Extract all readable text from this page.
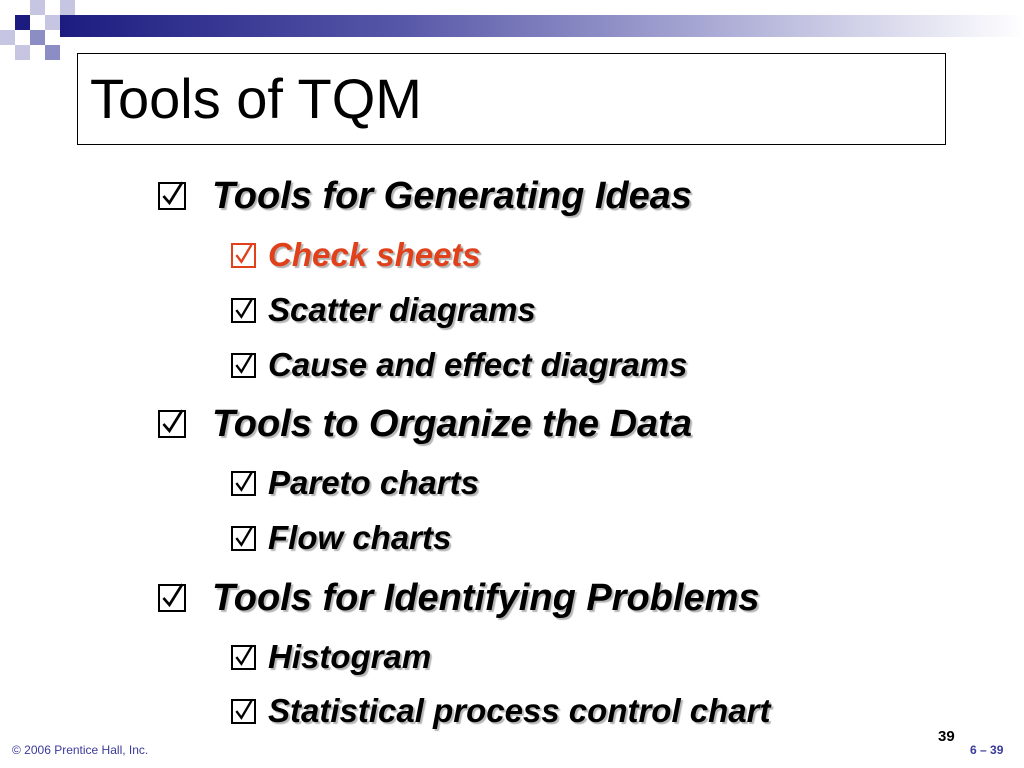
Tools of TQM
Tools for Generating Ideas
Check sheets
Scatter diagrams
Cause and effect diagrams
Tools to Organize the Data
Pareto charts
Flow charts
Tools for Identifying Problems
Histogram
Statistical process control chart
© 2006 Prentice Hall, Inc.
39
6 – 39
